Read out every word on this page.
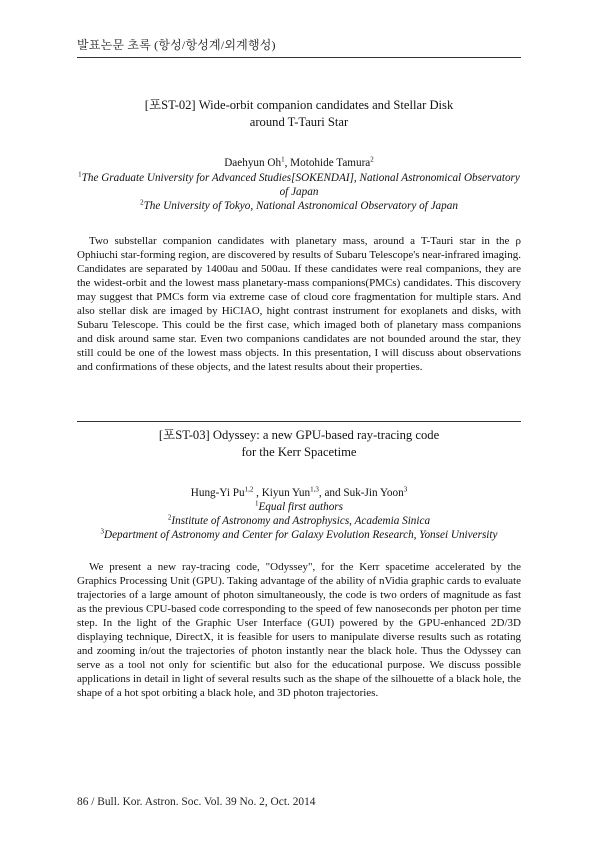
발표논문 초록 (항성/항성계/외계행성)
[포ST-02] Wide-orbit companion candidates and Stellar Disk
around T-Tauri Star

Daehyun Oh$^1$, Motohide Tamura$^2$

$^1$The Graduate University for Advanced Studies[SOKENDAI], National Astronomical Observatory of Japan

$^2$The University of Tokyo, National Astronomical Observatory of Japan

Two substellar companion candidates with planetary mass, around a T-Tauri star in the ρ Ophiuchi star-forming region, are discovered by results of Subaru Telescope's near-infrared imaging. Candidates are separated by 1400au and 500au. If these candidates were real companions, they are the widest-orbit and the lowest mass planetary-mass companions(PMCs) candidates. This discovery may suggest that PMCs form via extreme case of cloud core fragmentation for multiple stars. And also stellar disk are imaged by HiCIAO, hight contrast instrument for exoplanets and disks, with Subaru Telescope. This could be the first case, which imaged both of planetary mass companions and disk around same star. Even two companions candidates are not bounded around the star, they still could be one of the lowest mass objects. In this presentation, I will discuss about observations and confirmations of these objects, and the latest results about their properties.

[포ST-03] Odyssey: a new GPU-based ray-tracing code
for the Kerr Spacetime

Hung-Yi Pu$^{1,2}$ , Kiyun Yun$^{1,3}$, and Suk-Jin Yoon$^3$

$^1$Equal first authors

$^2$Institute of Astronomy and Astrophysics, Academia Sinica

$^3$Department of Astronomy and Center for Galaxy Evolution Research, Yonsei University

We present a new ray-tracing code, "Odyssey", for the Kerr spacetime accelerated by the Graphics Processing Unit (GPU). Taking advantage of the ability of nVidia graphic cards to evaluate trajectories of a large amount of photon simultaneously, the code is two orders of magnitude as fast as the previous CPU-based code corresponding to the speed of few nanoseconds per photon per time step. In the light of the Graphic User Interface (GUI) powered by the GPU-enhanced 2D/3D displaying technique, DirectX, it is feasible for users to manipulate diverse results such as rotating and zooming in/out the trajectories of photon instantly near the black hole. Thus the Odyssey can serve as a tool not only for scientific but also for the educational purpose. We discuss possible applications in detail in light of several results such as the shape of the silhouette of a black hole, the shape of a hot spot orbiting a black hole, and 3D photon trajectories.

86 / Bull. Kor. Astron. Soc. Vol. 39 No. 2, Oct. 2014
